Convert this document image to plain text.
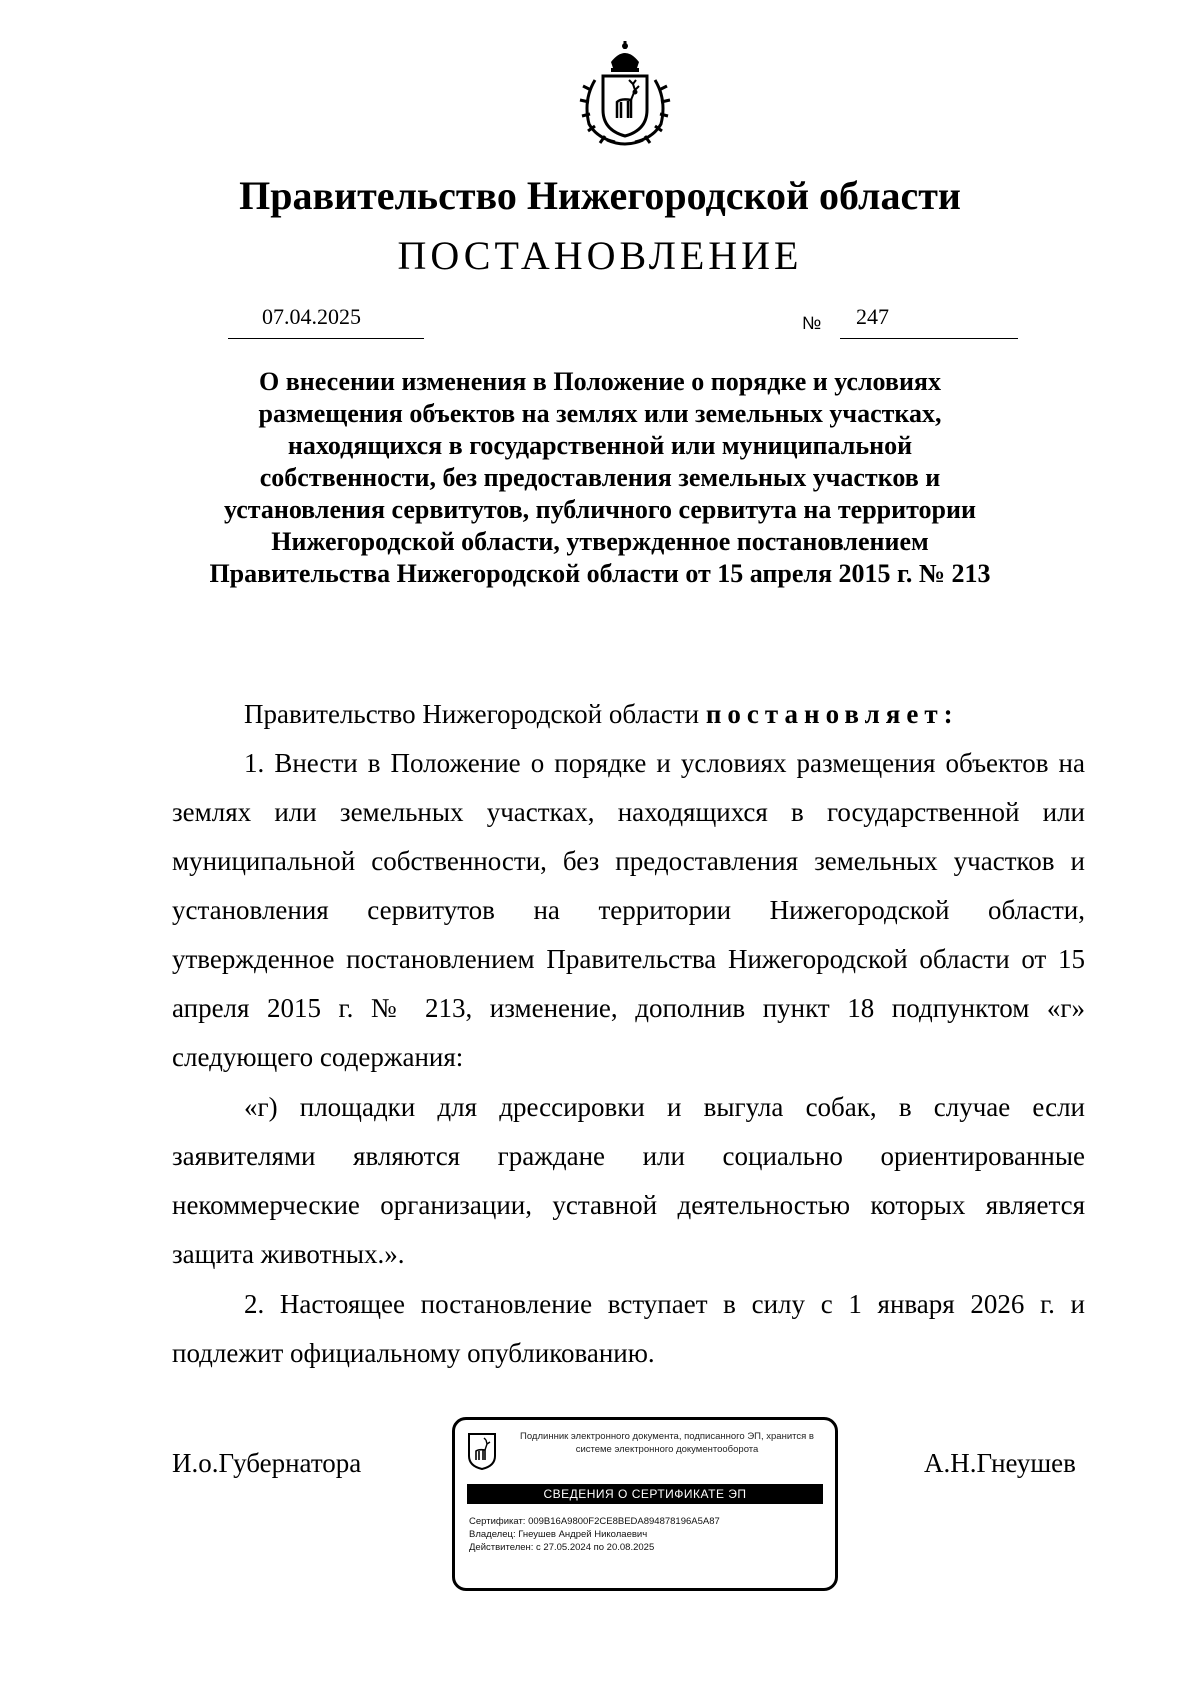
Правительство Нижегородской области
ПОСТАНОВЛЕНИЕ
07.04.2025	№ 247
О внесении изменения в Положение о порядке и условиях размещения объектов на землях или земельных участках, находящихся в государственной или муниципальной собственности, без предоставления земельных участков и установления сервитутов, публичного сервитута на территории Нижегородской области, утвержденное постановлением Правительства Нижегородской области от 15 апреля 2015 г. № 213

Правительство Нижегородской области постановляет:

1. Внести в Положение о порядке и условиях размещения объектов на землях или земельных участках, находящихся в государственной или муниципальной собственности, без предоставления земельных участков и установления сервитутов на территории Нижегородской области, утвержденное постановлением Правительства Нижегородской области от 15 апреля 2015 г. № 213, изменение, дополнив пункт 18 подпунктом «г» следующего содержания:

«г) площадки для дрессировки и выгула собак, в случае если заявителями являются граждане или социально ориентированные некоммерческие организации, уставной деятельностью которых является защита животных.».

2. Настоящее постановление вступает в силу с 1 января 2026 г. и подлежит официальному опубликованию.

И.о.Губернатора	А.Н.Гнеушев
Подлинник электронного документа, подписанного ЭП, хранится в системе электронного документооборота
СВЕДЕНИЯ О СЕРТИФИКАТЕ ЭП
Сертификат: 009B16A9800F2CE8BEDA894878196A5A87
Владелец: Гнеушев Андрей Николаевич
Действителен: с 27.05.2024 по 20.08.2025
